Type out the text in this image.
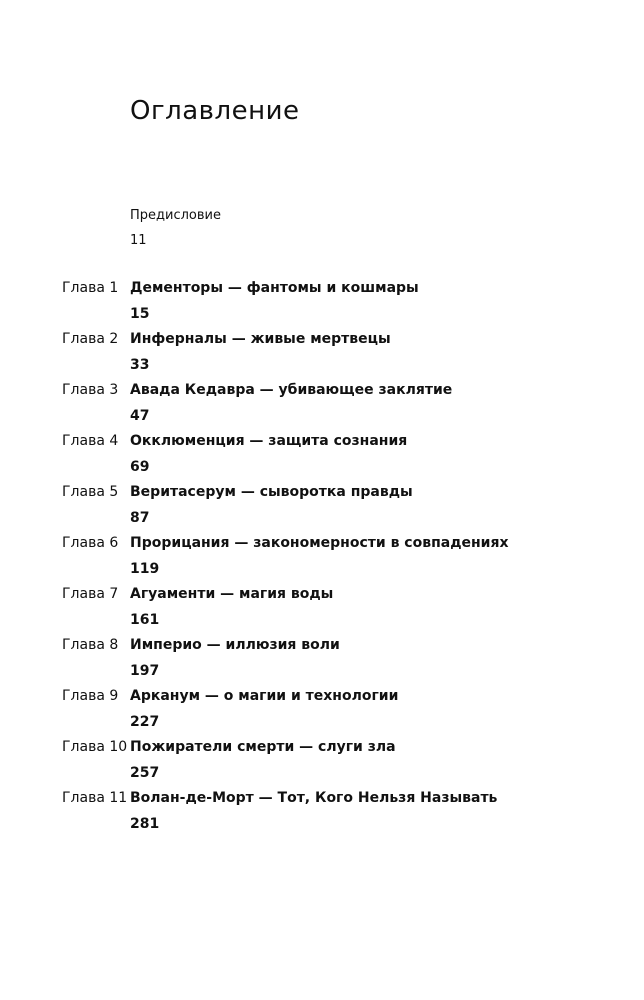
Оглавление
Предисловие
11
Глава 1 Дементоры — фантомы и кошмары
15
Глава 2 Инферналы — живые мертвецы
33
Глава 3 Авада Кедавра — убивающее заклятие
47
Глава 4 Окклюменция — защита сознания
69
Глава 5 Веритасерум — сыворотка правды
87
Глава 6 Прорицания — закономерности в совпадениях
119
Глава 7 Агуаменти — магия воды
161
Глава 8 Империо — иллюзия воли
197
Глава 9 Арканум — о магии и технологии
227
Глава 10 Пожиратели смерти — слуги зла
257
Глава 11 Волан-де-Морт — Тот, Кого Нельзя Называть
281
